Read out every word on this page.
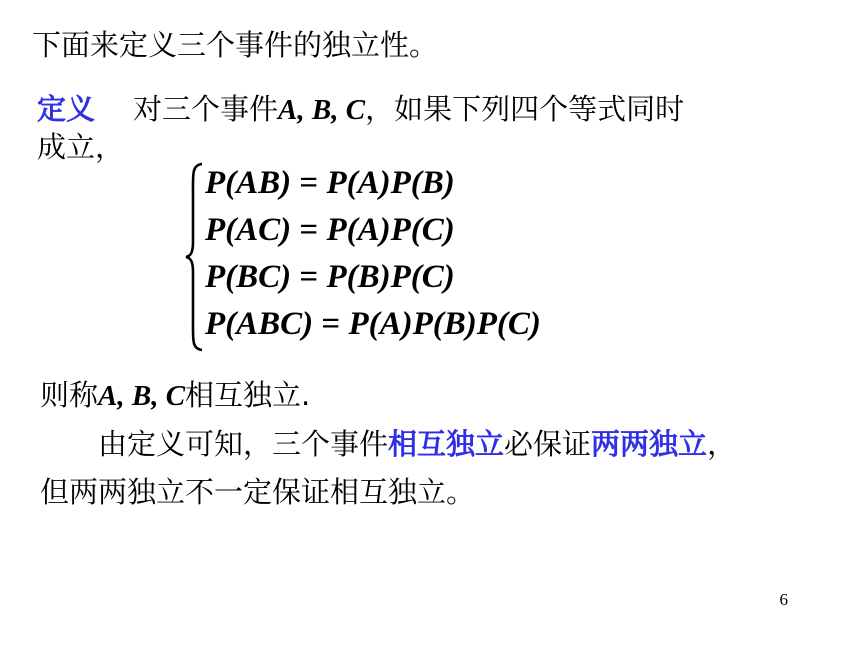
下面来定义三个事件的独立性。
定义 对三个事件A, B, C，如果下列四个等式同时
成立，
P(AB) = P(A)P(B)
P(AC) = P(A)P(C)
P(BC) = P(B)P(C)
P(ABC) = P(A)P(B)P(C)
则称A, B, C相互独立.
由定义可知，三个事件相互独立必保证两两独立，
但两两独立不一定保证相互独立。
6
